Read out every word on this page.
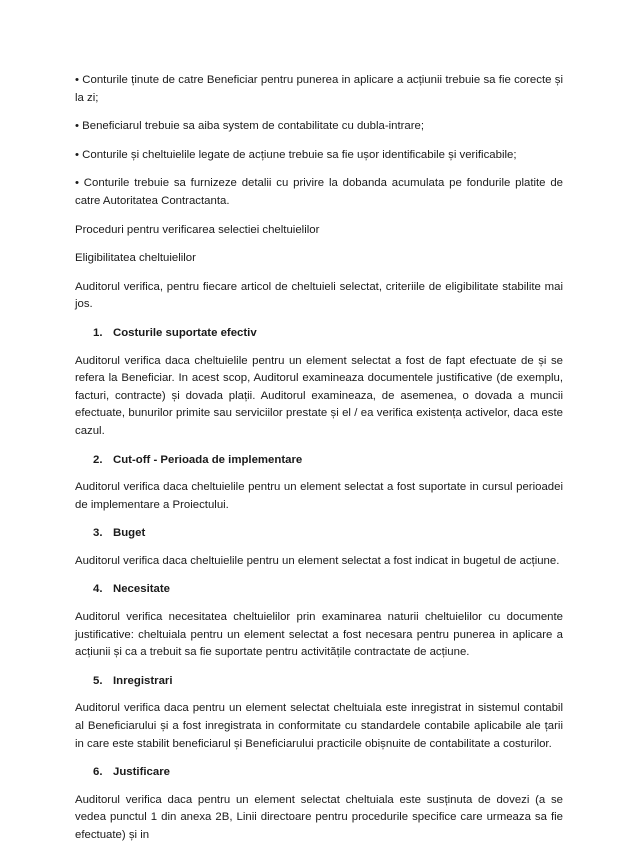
• Conturile ținute de catre Beneficiar pentru punerea in aplicare a acțiunii trebuie sa fie corecte și la zi;

• Beneficiarul trebuie sa aiba system de contabilitate cu dubla-intrare;

• Conturile și cheltuielile legate de acțiune trebuie sa fie ușor identificabile și verificabile;

• Conturile trebuie sa furnizeze detalii cu privire la dobanda acumulata pe fondurile platite de catre Autoritatea Contractanta.

Proceduri pentru verificarea selectiei cheltuielilor

Eligibilitatea cheltuielilor

Auditorul verifica, pentru fiecare articol de cheltuieli selectat, criteriile de eligibilitate stabilite mai jos.

1. Costurile suportate efectiv

Auditorul verifica daca cheltuielile pentru un element selectat a fost de fapt efectuate de și se refera la Beneficiar. In acest scop, Auditorul examineaza documentele justificative (de exemplu, facturi, contracte) și dovada plații. Auditorul examineaza, de asemenea, o dovada a muncii efectuate, bunurilor primite sau serviciilor prestate și el / ea verifica existența activelor, daca este cazul.

2. Cut-off - Perioada de implementare

Auditorul verifica daca cheltuielile pentru un element selectat a fost suportate in cursul perioadei de implementare a Proiectului.

3. Buget

Auditorul verifica daca cheltuielile pentru un element selectat a fost indicat in bugetul de acțiune.

4. Necesitate

Auditorul verifica necesitatea cheltuielilor prin examinarea naturii cheltuielilor cu documente justificative: cheltuiala pentru un element selectat a fost necesara pentru punerea in aplicare a acțiunii și ca a trebuit sa fie suportate pentru activitățile contractate de acțiune.

5. Inregistrari

Auditorul verifica daca pentru un element selectat cheltuiala este inregistrat in sistemul contabil al Beneficiarului și a fost inregistrata in conformitate cu standardele contabile aplicabile ale țarii in care este stabilit beneficiarul și Beneficiarului practicile obișnuite de contabilitate a costurilor.

6. Justificare

Auditorul verifica daca pentru un element selectat cheltuiala este susținuta de dovezi (a se vedea punctul 1 din anexa 2B, Linii directoare pentru procedurile specifice care urmeaza sa fie efectuate) și in
